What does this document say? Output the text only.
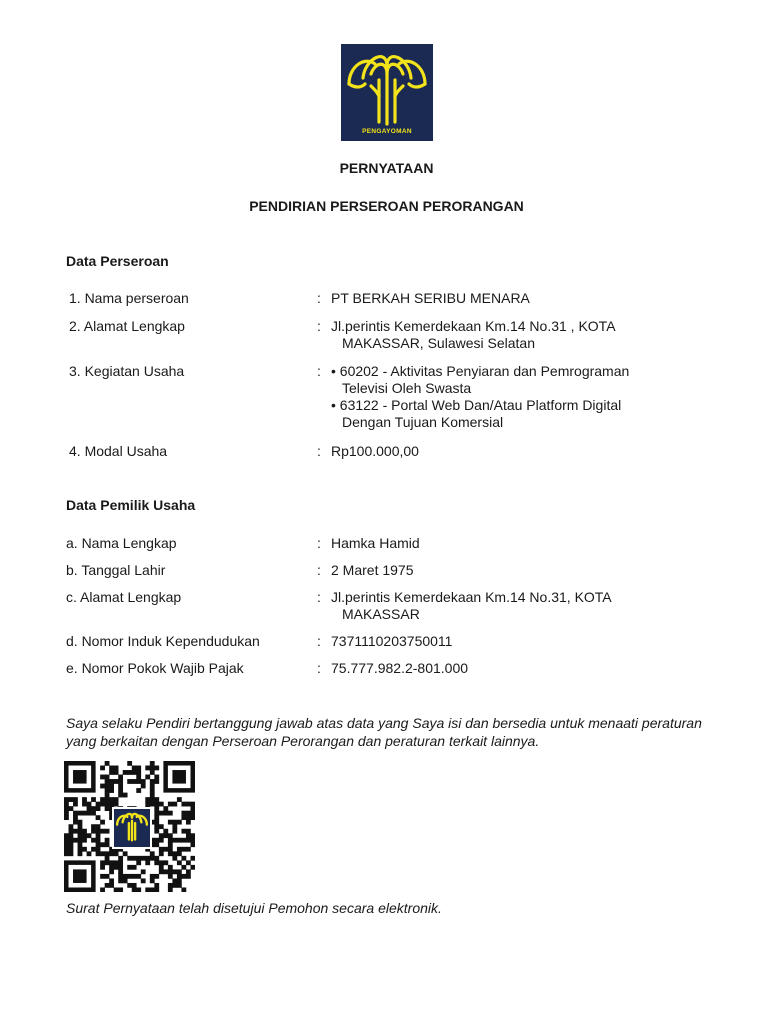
PENGAYOMAN
PERNYATAAN
PENDIRIAN PERSEROAN PERORANGAN
Data Perseroan
1. Nama perseroan	: PT BERKAH SERIBU MENARA
2. Alamat Lengkap	: Jl.perintis Kemerdekaan Km.14 No.31 , KOTA
MAKASSAR, Sulawesi Selatan
3. Kegiatan Usaha	: • 60202 - Aktivitas Penyiaran dan Pemrograman
Televisi Oleh Swasta
• 63122 - Portal Web Dan/Atau Platform Digital
Dengan Tujuan Komersial
4. Modal Usaha	: Rp100.000,00
Data Pemilik Usaha
a. Nama Lengkap	: Hamka Hamid
b. Tanggal Lahir	: 2 Maret 1975
c. Alamat Lengkap	: Jl.perintis Kemerdekaan Km.14 No.31, KOTA
MAKASSAR
d. Nomor Induk Kependudukan	: 7371110203750011
e. Nomor Pokok Wajib Pajak	: 75.777.982.2-801.000
Saya selaku Pendiri bertanggung jawab atas data yang Saya isi dan bersedia untuk menaati peraturan yang berkaitan dengan Perseroan Perorangan dan peraturan terkait lainnya.
Surat Pernyataan telah disetujui Pemohon secara elektronik.
